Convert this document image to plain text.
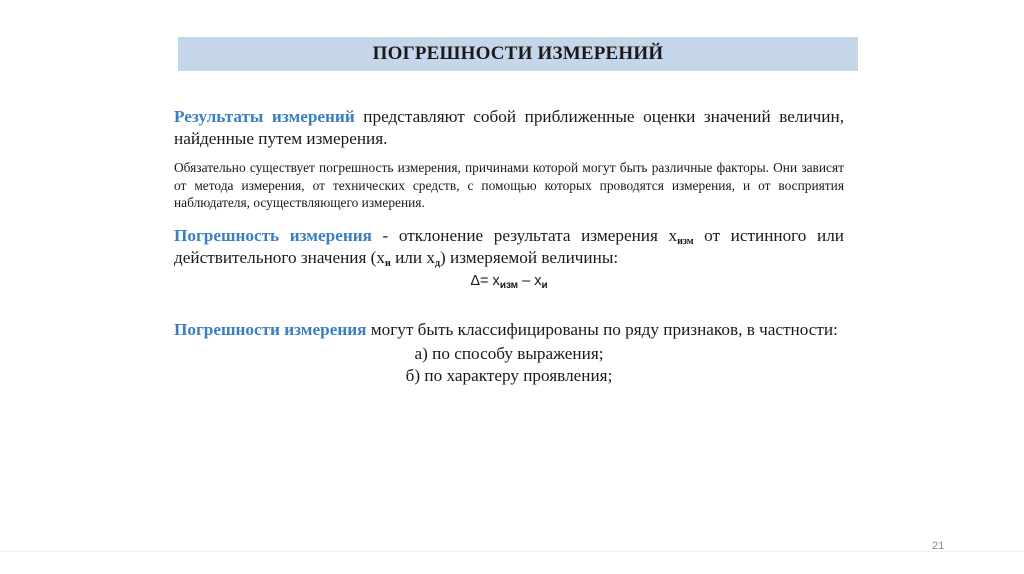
ПОГРЕШНОСТИ ИЗМЕРЕНИЙ

Результаты измерений представляют собой приближенные оценки значений величин, найденные путем измерения.

Обязательно существует погрешность измерения, причинами которой могут быть различные факторы. Они зависят от метода измерения, от технических средств, с помощью которых проводятся измерения, и от восприятия наблюдателя, осуществляющего измерения.

Погрешность измерения - отклонение результата измерения $х_{изм}$ от истинного или действительного значения ($х_и$ или $х_д$) измеряемой величины:

$\Delta= х_{изм} - х_и$

Погрешности измерения могут быть классифицированы по ряду признаков, в частности:

а) по способу выражения;

б) по характеру проявления;

21
